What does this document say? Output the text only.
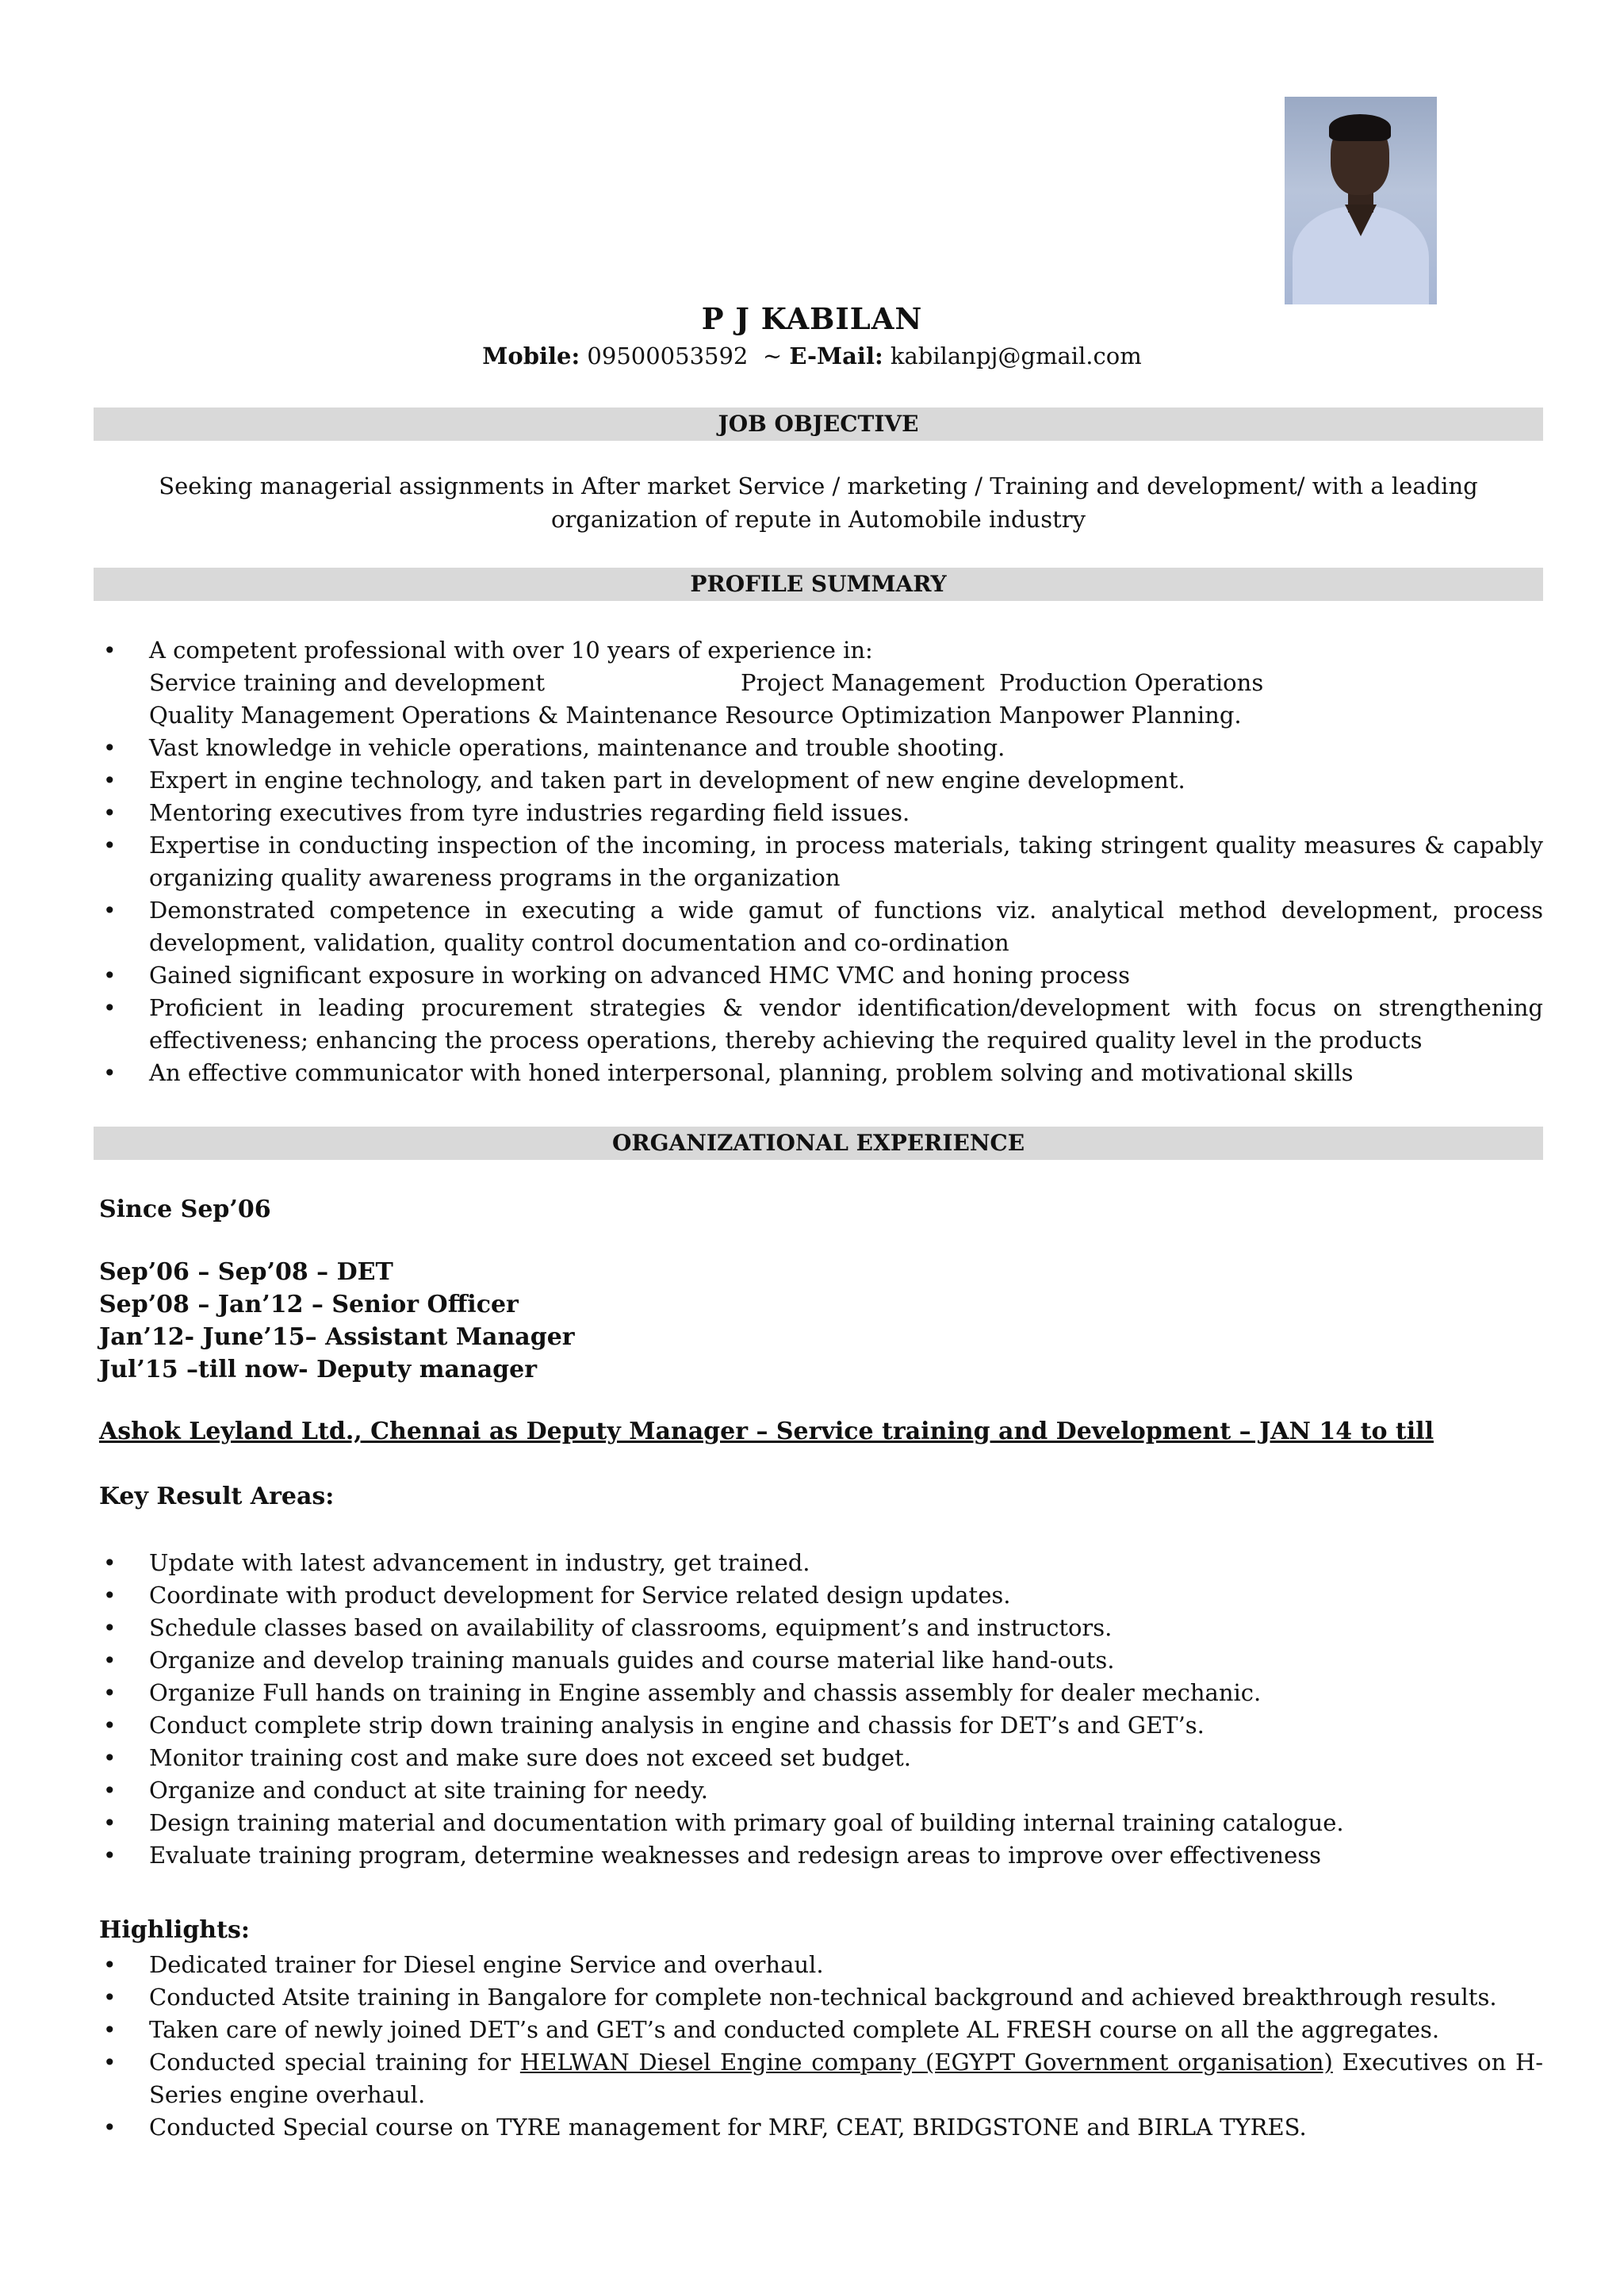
P J KABILAN
Mobile: 09500053592 ~ E-Mail: kabilanpj@gmail.com
JOB OBJECTIVE
Seeking managerial assignments in After market Service / marketing / Training and development/ with a leading
organization of repute in Automobile industry
PROFILE SUMMARY
• A competent professional with over 10 years of experience in:
Service training and development	Project Management Production Operations
Quality Management Operations & Maintenance Resource Optimization Manpower Planning.
• Vast knowledge in vehicle operations, maintenance and trouble shooting.
• Expert in engine technology, and taken part in development of new engine development.
• Mentoring executives from tyre industries regarding field issues.
• Expertise in conducting inspection of the incoming, in process materials, taking stringent quality measures & capably organizing quality awareness programs in the organization
• Demonstrated competence in executing a wide gamut of functions viz. analytical method development, process development, validation, quality control documentation and co-ordination
• Gained significant exposure in working on advanced HMC VMC and honing process
• Proficient in leading procurement strategies & vendor identification/development with focus on strengthening effectiveness; enhancing the process operations, thereby achieving the required quality level in the products
• An effective communicator with honed interpersonal, planning, problem solving and motivational skills
ORGANIZATIONAL EXPERIENCE
Since Sep’06
Sep’06 – Sep’08 – DET
Sep’08 – Jan’12 – Senior Officer
Jan’12- June’15– Assistant Manager
Jul’15 –till now- Deputy manager
Ashok Leyland Ltd., Chennai as Deputy Manager – Service training and Development – JAN 14 to till
Key Result Areas:
• Update with latest advancement in industry, get trained.
• Coordinate with product development for Service related design updates.
• Schedule classes based on availability of classrooms, equipment’s and instructors.
• Organize and develop training manuals guides and course material like hand-outs.
• Organize Full hands on training in Engine assembly and chassis assembly for dealer mechanic.
• Conduct complete strip down training analysis in engine and chassis for DET’s and GET’s.
• Monitor training cost and make sure does not exceed set budget.
• Organize and conduct at site training for needy.
• Design training material and documentation with primary goal of building internal training catalogue.
• Evaluate training program, determine weaknesses and redesign areas to improve over effectiveness
Highlights:
• Dedicated trainer for Diesel engine Service and overhaul.
• Conducted Atsite training in Bangalore for complete non-technical background and achieved breakthrough results.
• Taken care of newly joined DET’s and GET’s and conducted complete AL FRESH course on all the aggregates.
• Conducted special training for HELWAN Diesel Engine company (EGYPT Government organisation) Executives on H-Series engine overhaul.
• Conducted Special course on TYRE management for MRF, CEAT, BRIDGSTONE and BIRLA TYRES.
